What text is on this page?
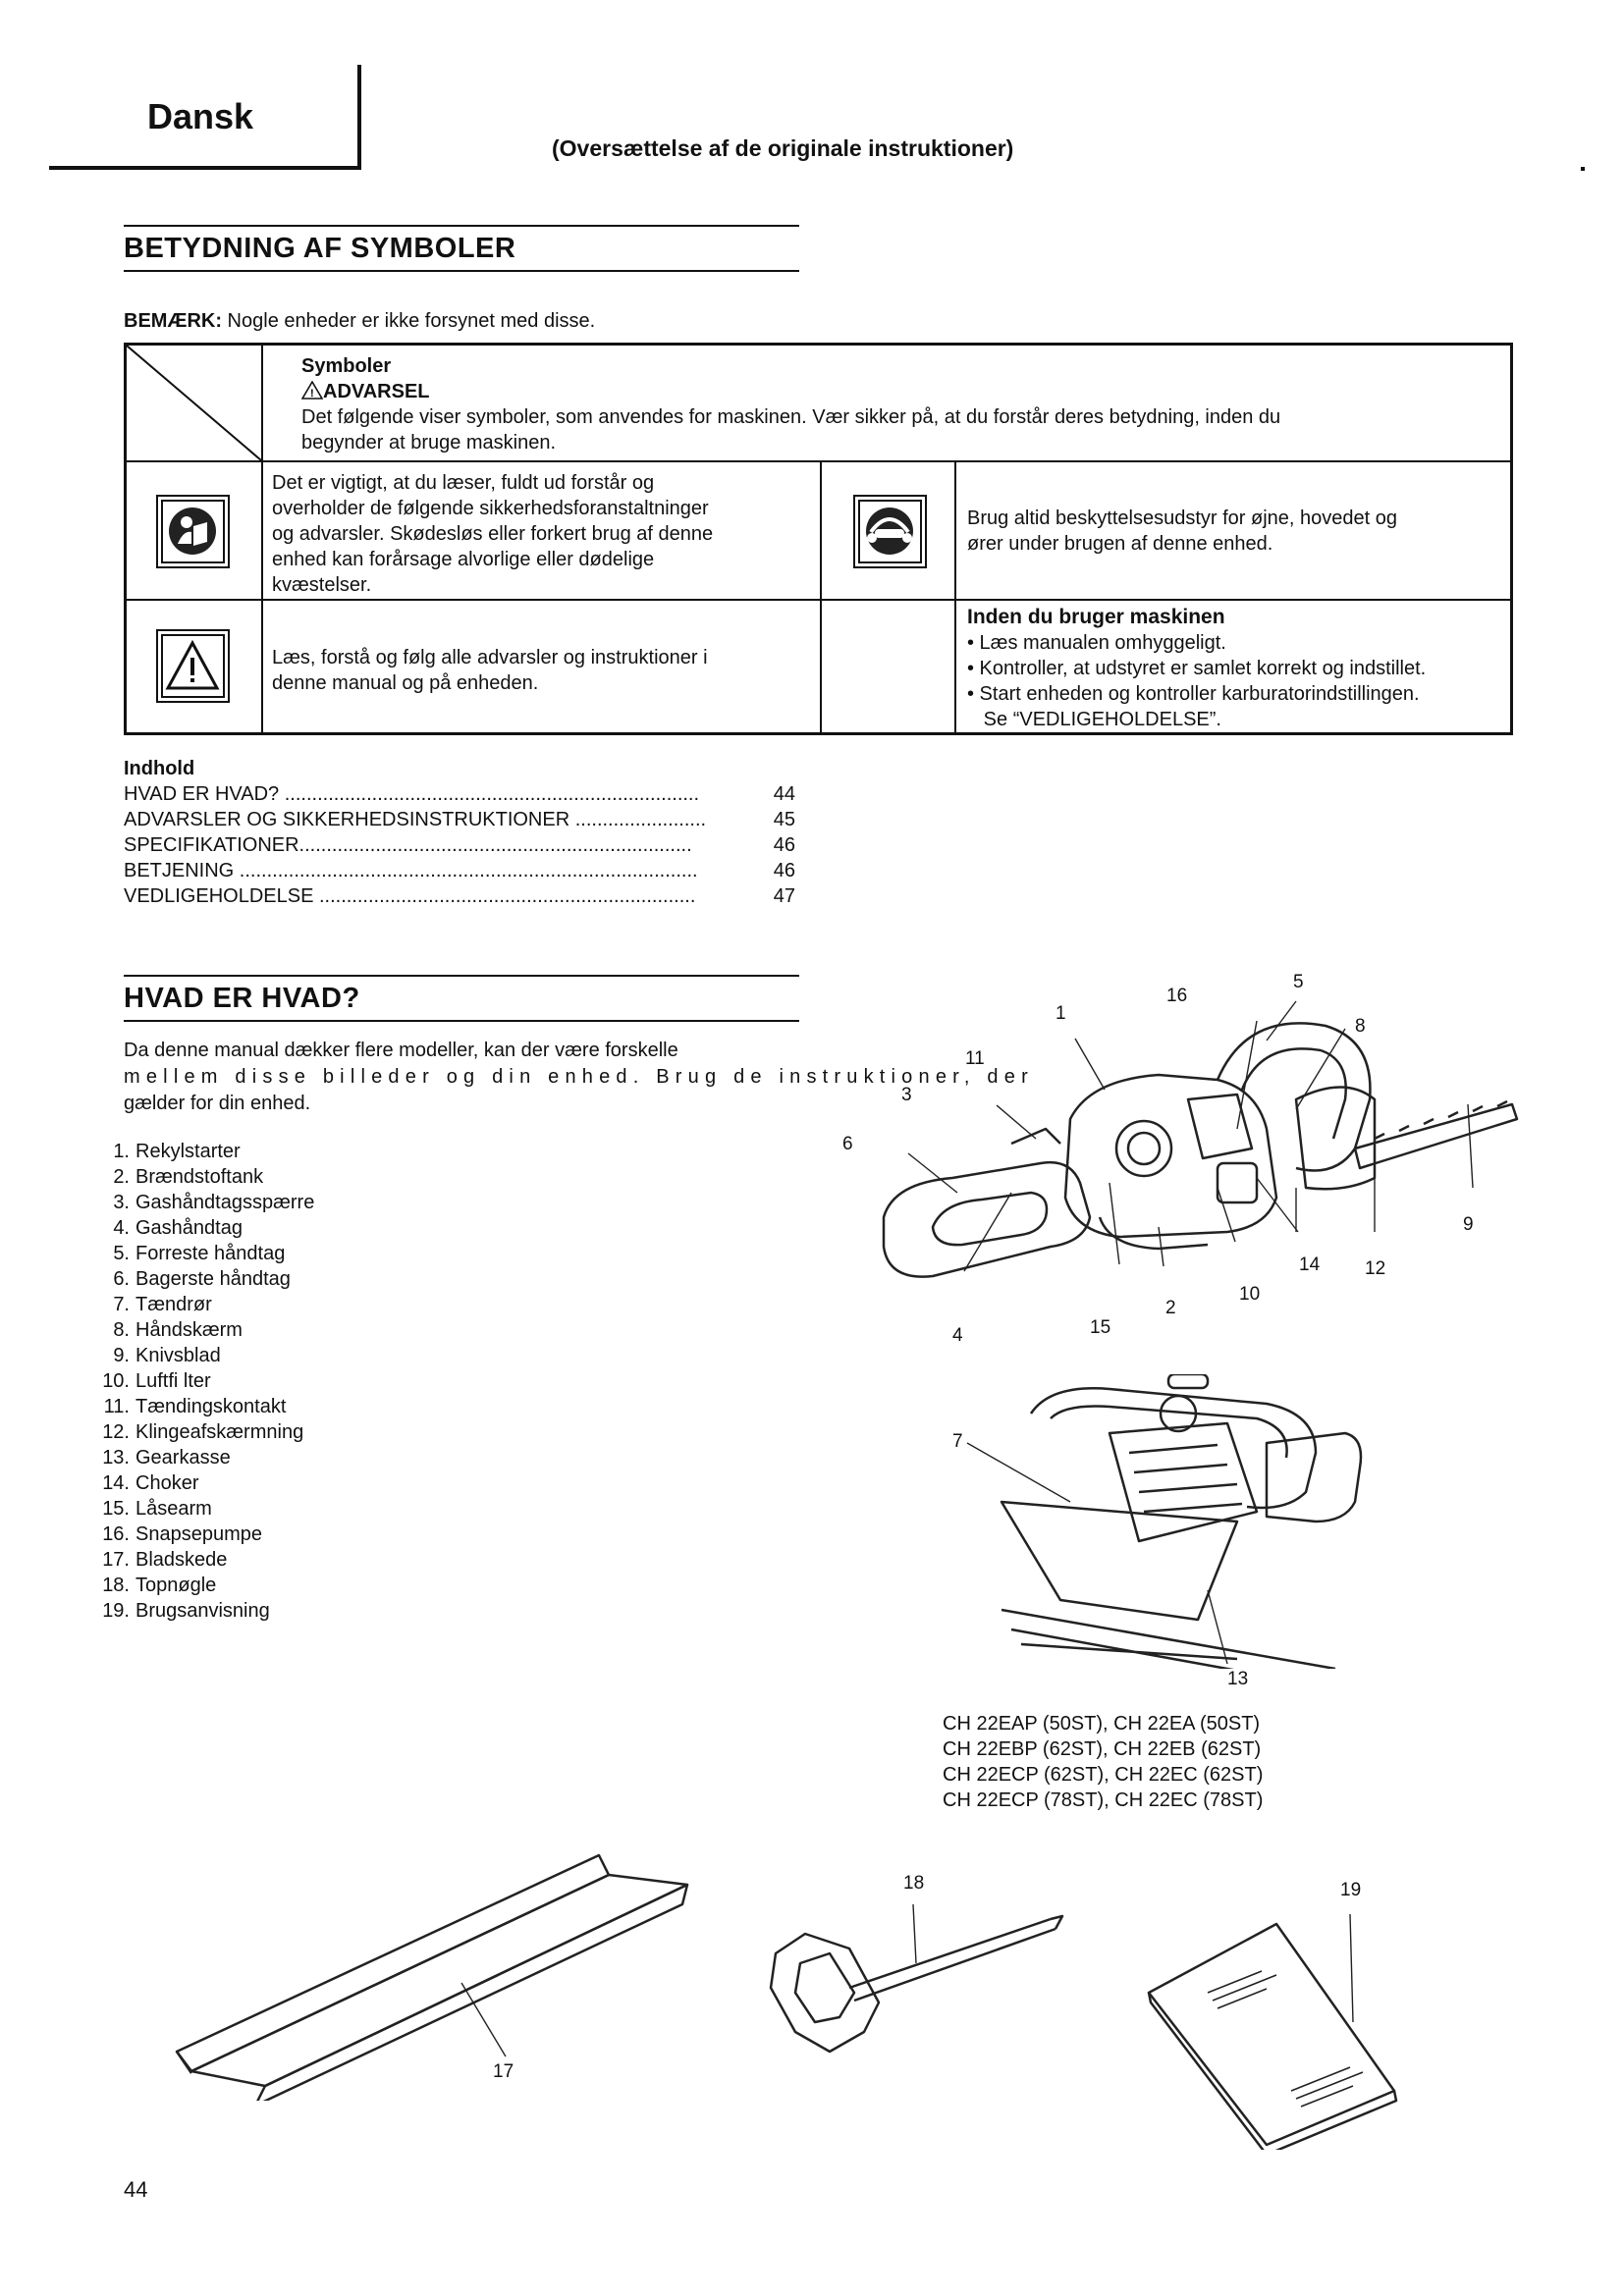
Dansk
(Oversættelse af de originale instruktioner)
BETYDNING AF SYMBOLER
BEMÆRK: Nogle enheder er ikke forsynet med disse.
Symboler
! ADVARSEL
Det følgende viser symboler, som anvendes for maskinen. Vær sikker på, at du forstår deres betydning, inden du
begynder at bruge maskinen.
Det er vigtigt, at du læser, fuldt ud forstår og
overholder de følgende sikkerhedsforanstaltninger
og advarsler. Skødesløs eller forkert brug af denne
enhed kan forårsage alvorlige eller dødelige
kvæstelser.
Brug altid beskyttelsesudstyr for øjne, hovedet og
ører under brugen af denne enhed.
Læs, forstå og følg alle advarsler og instruktioner i
denne manual og på enheden.
Inden du bruger maskinen
• Læs manualen omhyggeligt.
• Kontroller, at udstyret er samlet korrekt og indstillet.
• Start enheden og kontroller karburatorindstillingen.
Se “VEDLIGEHOLDELSE”.
Indhold
HVAD ER HVAD? ............................................................................	44
ADVARSLER OG SIKKERHEDSINSTRUKTIONER ........................	45
SPECIFIKATIONER........................................................................	46
BETJENING ....................................................................................	46
VEDLIGEHOLDELSE .....................................................................	47
HVAD ER HVAD?
Da denne manual dækker flere modeller, kan der være forskelle
mellem disse billeder og din enhed. Brug de instruktioner, der
gælder for din enhed.
1. Rekylstarter
2. Brændstoftank
3. Gashåndtagsspærre
4. Gashåndtag
5. Forreste håndtag
6. Bagerste håndtag
7. Tændrør
8. Håndskærm
9. Knivsblad
10. Luftfi lter
11. Tændingskontakt
12. Klingeafskærmning
13. Gearkasse
14. Choker
15. Låsearm
16. Snapsepumpe
17. Bladskede
18. Topnøgle
19. Brugsanvisning
1
2
3
4
5
6
7
8
9
10
11
12
13
14
15
16
17
18	19
CH 22EAP (50ST), CH 22EA (50ST)
CH 22EBP (62ST), CH 22EB (62ST)
CH 22ECP (62ST), CH 22EC (62ST)
CH 22ECP (78ST), CH 22EC (78ST)
44
